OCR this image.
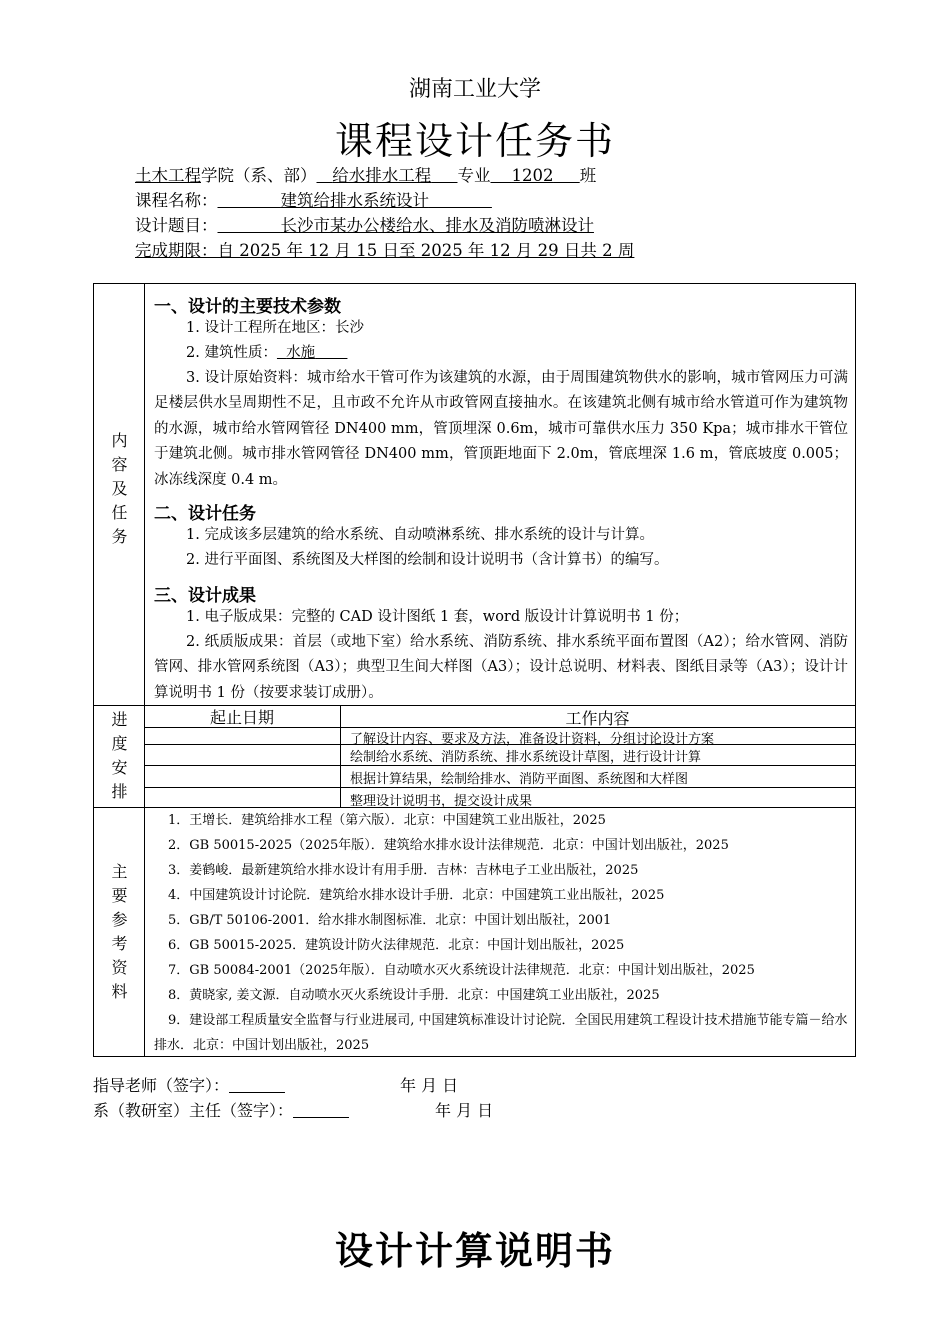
湖南工业大学
课程设计任务书
土木工程学院（系、部） 给水排水工程 专业 1202 班
课程名称：	建筑给排水系统设计
设计题目：	长沙市某办公楼给水、排水及消防喷淋设计
完成期限：自 2025 年 12 月 15 日至 2025 年 12 月 29 日共 2 周
内
容
及
任
务
一、设计的主要技术参数
1. 设计工程所在地区：长沙
2. 建筑性质： 水施
3. 设计原始资料：城市给水干管可作为该建筑的水源，由于周围建筑物供水的影响，城市管网压力可满足楼层供水呈周期性不足，且市政不允许从市政管网直接抽水。在该建筑北侧有城市给水管道可作为建筑物的水源，城市给水管网管径 DN400 mm，管顶埋深 0.6m，城市可靠供水压力 350 Kpa；城市排水干管位于建筑北侧。城市排水管网管径 DN400 mm，管顶距地面下 2.0m，管底埋深 1.6 m，管底坡度 0.005；冰冻线深度 0.4 m。
二、设计任务
1. 完成该多层建筑的给水系统、自动喷淋系统、排水系统的设计与计算。
2. 进行平面图、系统图及大样图的绘制和设计说明书（含计算书）的编写。
三、设计成果
1. 电子版成果：完整的 CAD 设计图纸 1 套，word 版设计计算说明书 1 份；
2. 纸质版成果：首层（或地下室）给水系统、消防系统、排水系统平面布置图（A2）；给水管网、消防管网、排水管网系统图（A3）；典型卫生间大样图（A3）；设计总说明、材料表、图纸目录等（A3）；设计计算说明书 1 份（按要求装订成册）。
进
度
安
排
起止日期	工作内容
了解设计内容、要求及方法，准备设计资料，分组讨论设计方案
绘制给水系统、消防系统、排水系统设计草图，进行设计计算
根据计算结果，绘制给排水、消防平面图、系统图和大样图
整理设计说明书，提交设计成果
主
要
参
考
资
料
1．王增长．建筑给排水工程（第六版）．北京：中国建筑工业出版社，2025
2．GB 50015-2025（2025年版）．建筑给水排水设计法律规范．北京：中国计划出版社，2025
3．姜鹤峻．最新建筑给水排水设计有用手册．吉林：吉林电子工业出版社，2025
4．中国建筑设计讨论院．建筑给水排水设计手册．北京：中国建筑工业出版社，2025
5．GB/T 50106-2001．给水排水制图标准．北京：中国计划出版社，2001
6．GB 50015-2025．建筑设计防火法律规范．北京：中国计划出版社，2025
7．GB 50084-2001（2025年版）．自动喷水灭火系统设计法律规范．北京：中国计划出版社，2025
8．黄晓家, 姜文源．自动喷水灭火系统设计手册．北京：中国建筑工业出版社，2025
9．建设部工程质量安全监督与行业进展司, 中国建筑标准设计讨论院．全国民用建筑工程设计技术措施节能专篇－给水排水．北京：中国计划出版社，2025
指导老师（签字）：	年 月 日
系（教研室）主任（签字）：	年 月 日
设计计算说明书
